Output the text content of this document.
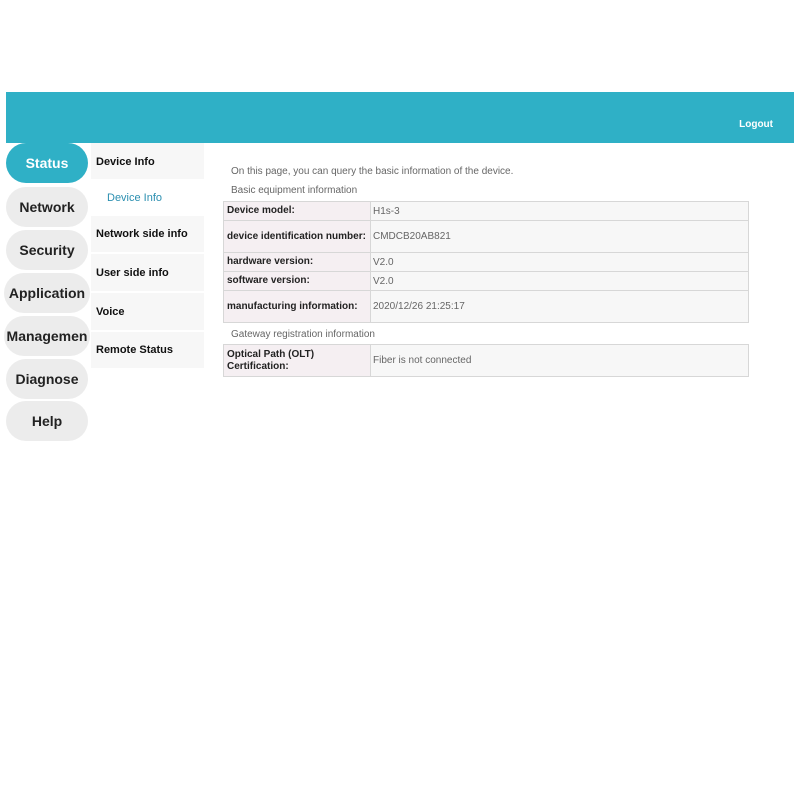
Logout
Status
Network
Security
Application
Managemen
Diagnose
Help
Device Info
Device Info
Network side info
User side info
Voice
Remote Status
On this page, you can query the basic information of the device.
Basic equipment information
Device model:	H1s-3
device identification number:	CMDCB20AB821
hardware version:	V2.0
software version:	V2.0
manufacturing information:	2020/12/26 21:25:17
Gateway registration information
Optical Path (OLT) Certification:	Fiber is not connected
